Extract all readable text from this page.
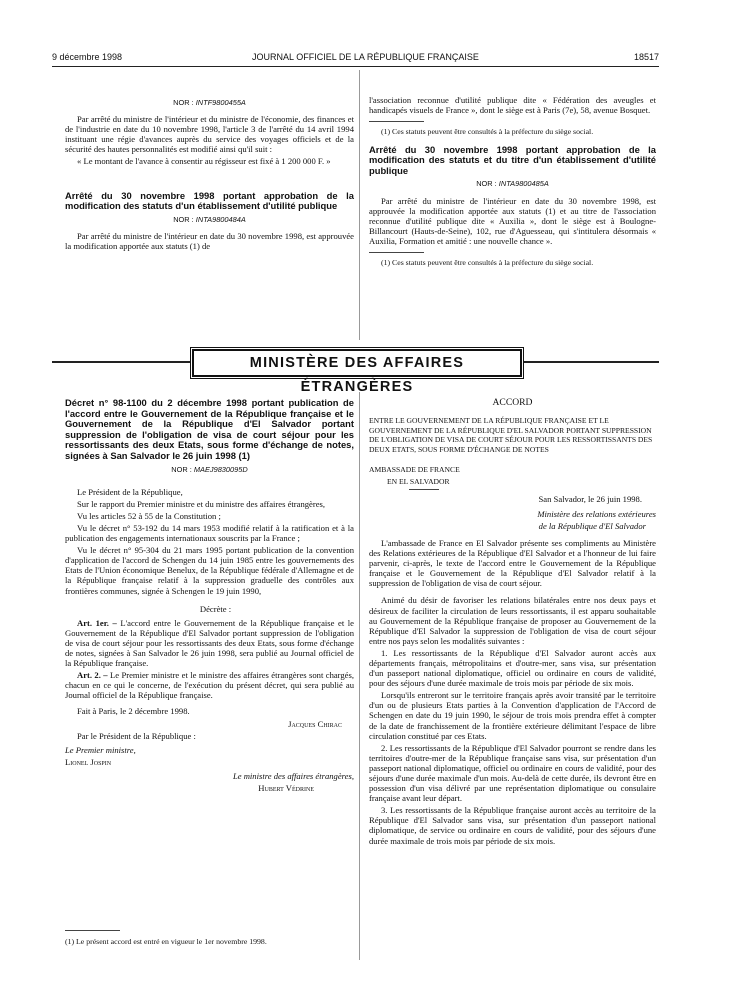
9 décembre 1998	JOURNAL OFFICIEL DE LA RÉPUBLIQUE FRANÇAISE	18517
NOR : INTF9800455A

Par arrêté du ministre de l'intérieur et du ministre de l'économie, des finances et de l'industrie en date du 10 novembre 1998, l'article 3 de l'arrêté du 14 avril 1994 instituant une régie d'avances auprès du service des voyages officiels et de la sécurité des hautes personnalités est modifié ainsi qu'il suit :

« Le montant de l'avance à consentir au régisseur est fixé à 1 200 000 F. »

Arrêté du 30 novembre 1998 portant approbation de la modification des statuts d'un établissement d'utilité publique
NOR : INTA9800484A

Par arrêté du ministre de l'intérieur en date du 30 novembre 1998, est approuvée la modification apportée aux statuts (1) de

l'association reconnue d'utilité publique dite « Fédération des aveugles et handicapés visuels de France », dont le siège est à Paris (7e), 58, avenue Bosquet.

(1) Ces statuts peuvent être consultés à la préfecture du siège social.

Arrêté du 30 novembre 1998 portant approbation de la modification des statuts et du titre d'un établissement d'utilité publique
NOR : INTA9800485A

Par arrêté du ministre de l'intérieur en date du 30 novembre 1998, est approuvée la modification apportée aux statuts (1) et au titre de l'association reconnue d'utilité publique dite « Auxilia », dont le siège est à Boulogne-Billancourt (Hauts-de-Seine), 102, rue d'Aguesseau, qui s'intitulera désormais « Auxilia, Formation et amitié : une nouvelle chance ».

(1) Ces statuts peuvent être consultés à la préfecture du siège social.

MINISTÈRE DES AFFAIRES ÉTRANGÈRES
Décret n° 98-1100 du 2 décembre 1998 portant publication de l'accord entre le Gouvernement de la République française et le Gouvernement de la République d'El Salvador portant suppression de l'obligation de visa de court séjour pour les ressortissants des deux Etats, sous forme d'échange de notes, signées à San Salvador le 26 juin 1998 (1)
NOR : MAEJ9830095D

Le Président de la République,

Sur le rapport du Premier ministre et du ministre des affaires étrangères,

Vu les articles 52 à 55 de la Constitution ;

Vu le décret n° 53-192 du 14 mars 1953 modifié relatif à la ratification et à la publication des engagements internationaux souscrits par la France ;

Vu le décret n° 95-304 du 21 mars 1995 portant publication de la convention d'application de l'accord de Schengen du 14 juin 1985 entre les gouvernements des Etats de l'Union économique Benelux, de la République fédérale d'Allemagne et de la République française relatif à la suppression graduelle des contrôles aux frontières communes, signée à Schengen le 19 juin 1990,

Décrète :

Art. 1er. – L'accord entre le Gouvernement de la République française et le Gouvernement de la République d'El Salvador portant suppression de l'obligation de visa de court séjour pour les ressortissants des deux Etats, sous forme d'échange de notes, signées à San Salvador le 26 juin 1998, sera publié au Journal officiel de la République française.

Art. 2. – Le Premier ministre et le ministre des affaires étrangères sont chargés, chacun en ce qui le concerne, de l'exécution du présent décret, qui sera publié au Journal officiel de la République française.

Fait à Paris, le 2 décembre 1998.

Jacques Chirac

Par le Président de la République :

Le Premier ministre,

Lionel Jospin

Le ministre des affaires étrangères,

Hubert Védrine

(1) Le présent accord est entré en vigueur le 1er novembre 1998.

ACCORD

ENTRE LE GOUVERNEMENT DE LA RÉPUBLIQUE FRANÇAISE ET LE GOUVERNEMENT DE LA RÉPUBLIQUE D'EL SALVADOR PORTANT SUPPRESSION DE L'OBLIGATION DE VISA DE COURT SÉJOUR POUR LES RESSORTISSANTS DES DEUX ETATS, SOUS FORME D'ÉCHANGE DE NOTES

AMBASSADE DE FRANCE

EN EL SALVADOR

San Salvador, le 26 juin 1998.

Ministère des relations extérieures

de la République d'El Salvador

L'ambassade de France en El Salvador présente ses compliments au Ministère des Relations extérieures de la République d'El Salvador et a l'honneur de lui faire parvenir, ci-après, le texte de l'accord entre le Gouvernement de la République française et le Gouvernement de la République d'El Salvador relatif à la suppression de l'obligation de visa de court séjour.

Animé du désir de favoriser les relations bilatérales entre nos deux pays et désireux de faciliter la circulation de leurs ressortissants, il est apparu souhaitable au Gouvernement de la République française de proposer au Gouvernement de la République d'El Salvador la suppression de l'obligation de visa de court séjour entre nos pays selon les modalités suivantes :

1. Les ressortissants de la République d'El Salvador auront accès aux départements français, métropolitains et d'outre-mer, sans visa, sur présentation d'un passeport national diplomatique, officiel ou ordinaire en cours de validité, pour des séjours d'une durée maximale de trois mois par période de six mois.

Lorsqu'ils entreront sur le territoire français après avoir transité par le territoire d'un ou de plusieurs Etats parties à la Convention d'application de l'Accord de Schengen en date du 19 juin 1990, le séjour de trois mois prendra effet à compter de la date de franchissement de la frontière extérieure délimitant l'espace de libre circulation constitué par ces Etats.

2. Les ressortissants de la République d'El Salvador pourront se rendre dans les territoires d'outre-mer de la République française sans visa, sur présentation d'un passeport national diplomatique, officiel ou ordinaire en cours de validité, pour des séjours d'une durée maximale d'un mois. Au-delà de cette durée, ils devront être en possession d'un visa délivré par une représentation diplomatique ou consulaire française avant leur départ.

3. Les ressortissants de la République française auront accès au territoire de la République d'El Salvador sans visa, sur présentation d'un passeport national diplomatique, de service ou ordinaire en cours de validité, pour des séjours d'une durée maximale de trois mois par période de six mois.
